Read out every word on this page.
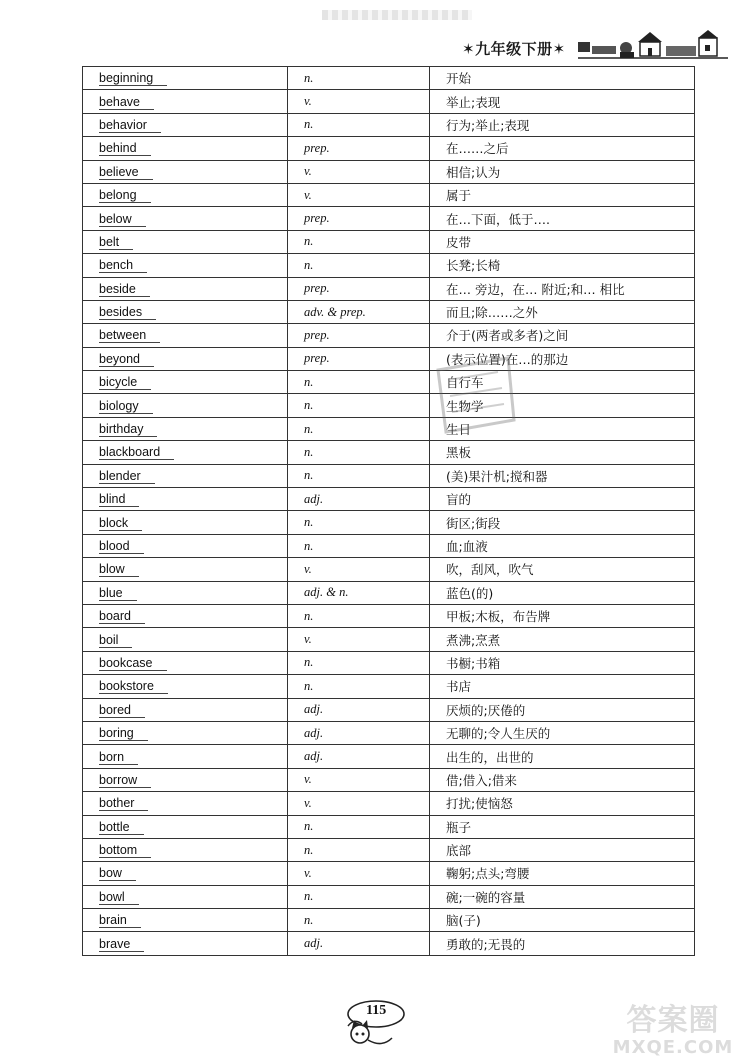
✶九年级下册✶
beginning	n.	开始
behave	v.	举止;表现
behavior	n.	行为;举止;表现
behind	prep.	在……之后
believe	v.	相信;认为
belong	v.	属于
below	prep.	在…下面，低于….
belt	n.	皮带
bench	n.	长凳;长椅
beside	prep.	在… 旁边，在… 附近;和… 相比
besides	adv. & prep.	而且;除……之外
between	prep.	介于(两者或多者)之间
beyond	prep.	(表示位置)在…的那边
bicycle	n.	自行车
biology	n.	生物学
birthday	n.	生日
blackboard	n.	黑板
blender	n.	(美)果汁机;搅和器
blind	adj.	盲的
block	n.	街区;街段
blood	n.	血;血液
blow	v.	吹，刮风，吹气
blue	adj. & n.	蓝色(的)
board	n.	甲板;木板，布告牌
boil	v.	煮沸;烹煮
bookcase	n.	书橱;书箱
bookstore	n.	书店
bored	adj.	厌烦的;厌倦的
boring	adj.	无聊的;令人生厌的
born	adj.	出生的，出世的
borrow	v.	借;借入;借来
bother	v.	打扰;使恼怒
bottle	n.	瓶子
bottom	n.	底部
bow	v.	鞠躬;点头;弯腰
bowl	n.	碗;一碗的容量
brain	n.	脑(子)
brave	adj.	勇敢的;无畏的
115	答案圈
MXQE.COM
